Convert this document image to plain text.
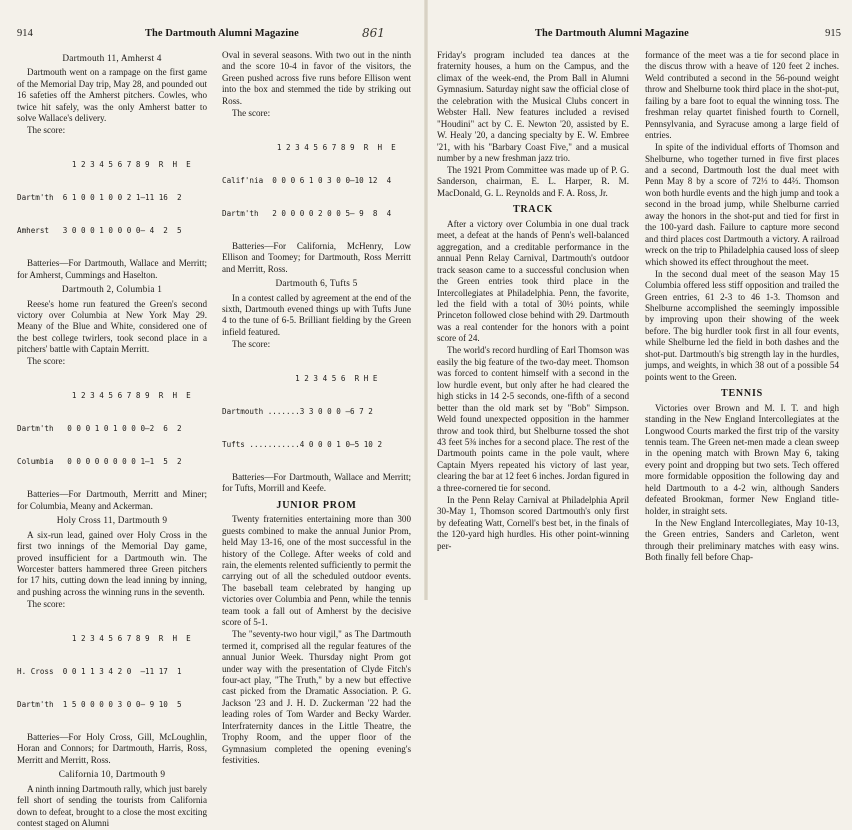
914	The Dartmouth Alumni Magazine	861
Dartmouth 11, Amherst 4

Dartmouth went on a rampage on the first game of the Memorial Day trip, May 28, and pounded out 16 safeties off the Amherst pitchers. Cowles, who twice hit safely, was the only Amherst batter to solve Wallace's delivery.

The score:

1 2 3 4 5 6 7 8 9  R  H  E

Dartm'th  6 1 0 0 1 0 0 2 1—11 16  2

Amherst   3 0 0 0 1 0 0 0 0— 4  2  5

Batteries—For Dartmouth, Wallace and Merritt; for Amherst, Cummings and Haselton.

Dartmouth 2, Columbia 1

Reese's home run featured the Green's second victory over Columbia at New York May 29. Meany of the Blue and White, considered one of the best college twirlers, took second place in a pitchers' battle with Captain Merritt.

The score:

1 2 3 4 5 6 7 8 9  R  H  E

Dartm'th   0 0 0 1 0 1 0 0 0—2  6  2

Columbia   0 0 0 0 0 0 0 0 1—1  5  2

Batteries—For Dartmouth, Merritt and Miner; for Columbia, Meany and Ackerman.

Holy Cross 11, Dartmouth 9

A six-run lead, gained over Holy Cross in the first two innings of the Memorial Day game, proved insufficient for a Dartmouth win. The Worcester batters hammered three Green pitchers for 17 hits, cutting down the lead inning by inning, and pushing across the winning runs in the seventh.

The score:

1 2 3 4 5 6 7 8 9  R  H  E

H. Cross  0 0 1 1 3 4 2 0  —11 17  1

Dartm'th  1 5 0 0 0 0 3 0 0— 9 10  5

Batteries—For Holy Cross, Gill, McLoughlin, Horan and Connors; for Dartmouth, Harris, Ross, Merritt and Merritt, Ross.

California 10, Dartmouth 9

A ninth inning Dartmouth rally, which just barely fell short of sending the tourists from California down to defeat, brought to a close the most exciting contest staged on Alumni

Oval in several seasons. With two out in the ninth and the score 10-4 in favor of the visitors, the Green pushed across five runs before Ellison went into the box and stemmed the tide by striking out Ross.

The score:

1 2 3 4 5 6 7 8 9  R  H  E

Calif'nia  0 0 0 6 1 0 3 0 0—10 12  4

Dartm'th   2 0 0 0 0 2 0 0 5— 9  8  4

Batteries—For California, McHenry, Low Ellison and Toomey; for Dartmouth, Ross Merritt and Merritt, Ross.

Dartmouth 6, Tufts 5

In a contest called by agreement at the end of the sixth, Dartmouth evened things up with Tufts June 4 to the tune of 6-5. Brilliant fielding by the Green infield featured.

The score:

1 2 3 4 5 6  R H E

Dartmouth .......3 3 0 0 0 —6 7 2

Tufts ...........4 0 0 0 1 0—5 10 2

Batteries—For Dartmouth, Wallace and Merritt; for Tufts, Morrill and Keefe.

JUNIOR PROM

Twenty fraternities entertaining more than 300 guests combined to make the annual Junior Prom, held May 13-16, one of the most successful in the history of the College. After weeks of cold and rain, the elements relented sufficiently to permit the carrying out of all the scheduled outdoor events. The baseball team celebrated by hanging up victories over Columbia and Penn, while the tennis team took a fall out of Amherst by the decisive score of 5-1.

The "seventy-two hour vigil," as The Dartmouth termed it, comprised all the regular features of the annual Junior Week. Thursday night Prom got under way with the presentation of Clyde Fitch's four-act play, "The Truth," by a new but effective cast picked from the Dramatic Association. P. G. Jackson '23 and J. H. D. Zuckerman '22 had the leading roles of Tom Warder and Becky Warder. Interfraternity dances in the Little Theatre, the Trophy Room, and the upper floor of the Gymnasium completed the opening evening's festivities.

The Dartmouth Alumni Magazine	915

Friday's program included tea dances at the fraternity houses, a hum on the Campus, and the climax of the week-end, the Prom Ball in Alumni Gymnasium. Saturday night saw the official close of the celebration with the Musical Clubs concert in Webster Hall. New features included a revised "Houdini" act by C. E. Newton '20, assisted by E. W. Healy '20, a dancing specialty by E. W. Embree '21, with his "Barbary Coast Five," and a musical number by a new freshman jazz trio.

The 1921 Prom Committee was made up of P. G. Sanderson, chairman, E. L. Harper, R. M. MacDonald, G. L. Reynolds and F. A. Ross, Jr.

TRACK

After a victory over Columbia in one dual track meet, a defeat at the hands of Penn's well-balanced aggregation, and a creditable performance in the annual Penn Relay Carnival, Dartmouth's outdoor track season came to a successful conclusion when the Green entries took third place in the Intercollegiates at Philadelphia. Penn, the favorite, led the field with a total of 30½ points, while Princeton followed close behind with 29. Dartmouth was a real contender for the honors with a point score of 24.

The world's record hurdling of Earl Thomson was easily the big feature of the two-day meet. Thomson was forced to content himself with a second in the low hurdle event, but only after he had cleared the high sticks in 14 2-5 seconds, one-fifth of a second better than the old mark set by "Bob" Simpson. Weld found unexpected opposition in the hammer throw and took third, but Shelburne tossed the shot 43 feet 5⅜ inches for a second place. The rest of the Dartmouth points came in the pole vault, where Captain Myers repeated his victory of last year, clearing the bar at 12 feet 6 inches. Jordan figured in a three-cornered tie for second.

In the Penn Relay Carnival at Philadelphia April 30-May 1, Thomson scored Dartmouth's only first by defeating Watt, Cornell's best bet, in the finals of the 120-yard high hurdles. His other point-winning per-

formance of the meet was a tie for second place in the discus throw with a heave of 120 feet 2 inches. Weld contributed a second in the 56-pound weight throw and Shelburne took third place in the shot-put, failing by a bare foot to equal the winning toss. The freshman relay quartet finished fourth to Cornell, Pennsylvania, and Syracuse among a large field of entries.

In spite of the individual efforts of Thomson and Shelburne, who together turned in five first places and a second, Dartmouth lost the dual meet with Penn May 8 by a score of 72⅓ to 44⅔. Thomson won both hurdle events and the high jump and took a second in the broad jump, while Shelburne carried away the honors in the shot-put and tied for first in the 100-yard dash. Failure to capture more second and third places cost Dartmouth a victory. A railroad wreck on the trip to Philadelphia caused loss of sleep which showed its effect throughout the meet.

In the second dual meet of the season May 15 Columbia offered less stiff opposition and trailed the Green entries, 61 2-3 to 46 1-3. Thomson and Shelburne accomplished the seemingly impossible by improving upon their showing of the week before. The big hurdler took first in all four events, while Shelburne led the field in both dashes and the shot-put. Dartmouth's big strength lay in the hurdles, jumps, and weights, in which 38 out of a possible 54 points went to the Green.

TENNIS

Victories over Brown and M. I. T. and high standing in the New England Intercollegiates at the Longwood Courts marked the first trip of the varsity tennis team. The Green net-men made a clean sweep in the opening match with Brown May 6, taking every point and dropping but two sets. Tech offered more formidable opposition the following day and held Dartmouth to a 4-2 win, although Sanders defeated Brookman, former New England title-holder, in straight sets.

In the New England Intercollegiates, May 10-13, the Green entries, Sanders and Carleton, went through their preliminary matches with easy wins. Both finally fell before Chap-
